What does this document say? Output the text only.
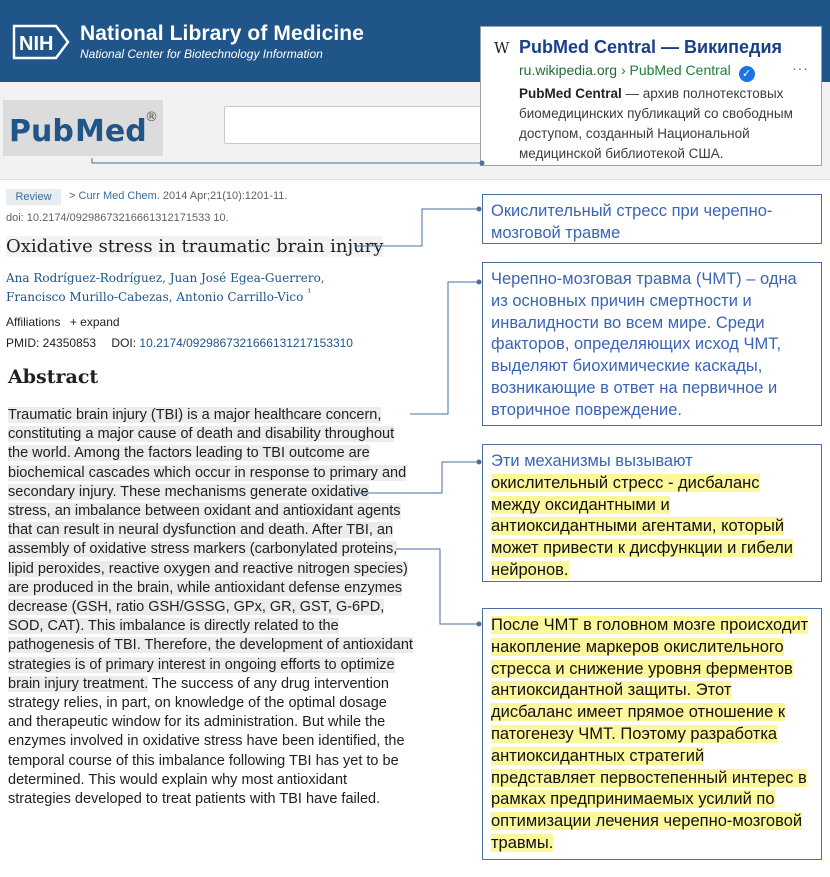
NIH National Library of Medicine
National Center for Biotechnology Information
Pub Med
®
W PubMed Central — Википедия
ru.wikipedia.org › PubMed Central ✓	···
PubMed Central — архив полнотекстовых биомедицинских публикаций со свободным доступом, созданный Национальной медицинской библиотекой США.
Review	> Curr Med Chem. 2014 Apr;21(10):1201-11.
doi: 10.2174/09298673216661312171533 10.
Oxidative stress in traumatic brain injury
Ana Rodríguez-Rodríguez, Juan José Egea-Guerrero, Francisco Murillo-Cabezas, Antonio Carrillo-Vico $^{^1}$
Affiliations + expand
PMID: 24350853 DOI: 10.2174/0929867321666131217153310
Abstract
Traumatic brain injury (TBI) is a major healthcare concern, constituting a major cause of death and disability throughout the world. Among the factors leading to TBI outcome are biochemical cascades which occur in response to primary and secondary injury. These mechanisms generate oxidative stress, an imbalance between oxidant and antioxidant agents that can result in neural dysfunction and death. After TBI, an assembly of oxidative stress markers (carbonylated proteins, lipid peroxides, reactive oxygen and reactive nitrogen species) are produced in the brain, while antioxidant defense enzymes decrease (GSH, ratio GSH/GSSG, GPx, GR, GST, G-6PD, SOD, CAT). This imbalance is directly related to the pathogenesis of TBI. Therefore, the development of antioxidant strategies is of primary interest in ongoing efforts to optimize brain injury treatment. The success of any drug intervention strategy relies, in part, on knowledge of the optimal dosage and therapeutic window for its administration. But while the enzymes involved in oxidative stress have been identified, the temporal course of this imbalance following TBI has yet to be determined. This would explain why most antioxidant strategies developed to treat patients with TBI have failed.
Окислительный стресс при черепно-мозговой травме
Черепно-мозговая травма (ЧМТ) – одна из основных причин смертности и инвалидности во всем мире. Среди факторов, определяющих исход ЧМТ, выделяют биохимические каскады, возникающие в ответ на первичное и вторичное повреждение.
Эти механизмы вызывают окислительный стресс - дисбаланс между оксидантными и антиоксидантными агентами, который может привести к дисфункции и гибели нейронов.
После ЧМТ в головном мозге происходит накопление маркеров окислительного стресса и снижение уровня ферментов антиоксидантной защиты. Этот дисбаланс имеет прямое отношение к патогенезу ЧМТ. Поэтому разработка антиоксидантных стратегий представляет первостепенный интерес в рамках предпринимаемых усилий по оптимизации лечения черепно-мозговой травмы.
